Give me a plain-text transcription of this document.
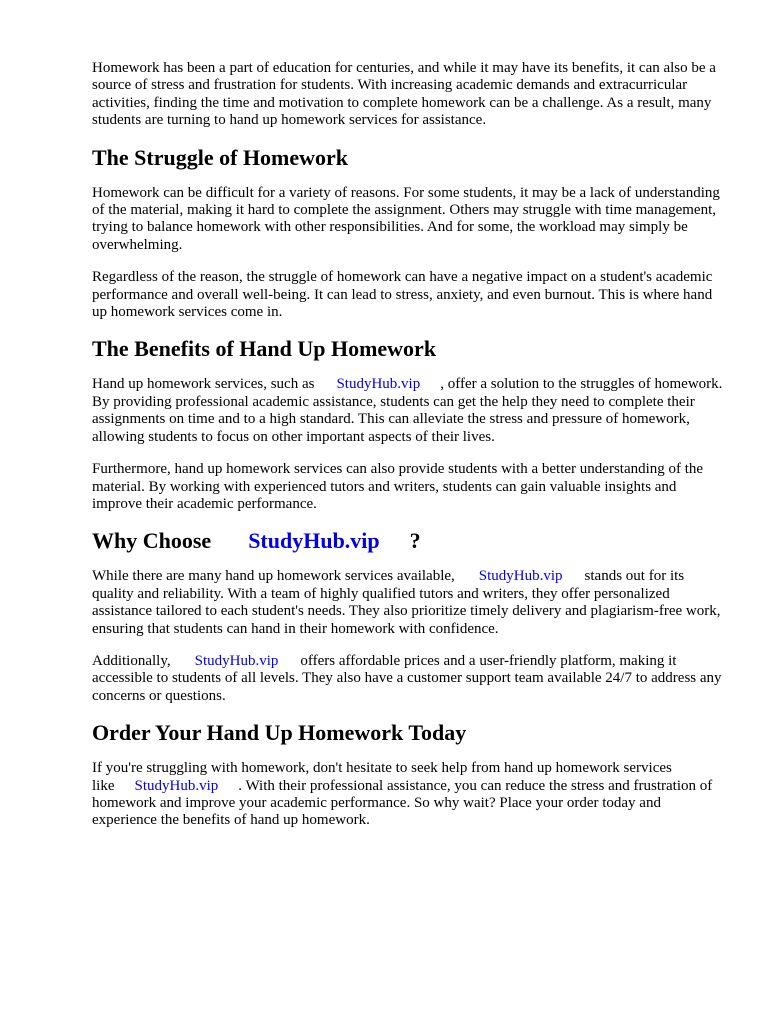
Homework has been a part of education for centuries, and while it may have its benefits, it can also be a source of stress and frustration for students. With increasing academic demands and extracurricular activities, finding the time and motivation to complete homework can be a challenge. As a result, many students are turning to hand up homework services for assistance.

The Struggle of Homework

Homework can be difficult for a variety of reasons. For some students, it may be a lack of understanding of the material, making it hard to complete the assignment. Others may struggle with time management, trying to balance homework with other responsibilities. And for some, the workload may simply be overwhelming.

Regardless of the reason, the struggle of homework can have a negative impact on a student's academic performance and overall well-being. It can lead to stress, anxiety, and even burnout. This is where hand up homework services come in.

The Benefits of Hand Up Homework

Hand up homework services, such as StudyHub.vip , offer a solution to the struggles of homework. By providing professional academic assistance, students can get the help they need to complete their assignments on time and to a high standard. This can alleviate the stress and pressure of homework, allowing students to focus on other important aspects of their lives.

Furthermore, hand up homework services can also provide students with a better understanding of the material. By working with experienced tutors and writers, students can gain valuable insights and improve their academic performance.

Why Choose StudyHub.vip ?

While there are many hand up homework services available, StudyHub.vip stands out for its quality and reliability. With a team of highly qualified tutors and writers, they offer personalized assistance tailored to each student's needs. They also prioritize timely delivery and plagiarism-free work, ensuring that students can hand in their homework with confidence.

Additionally, StudyHub.vip offers affordable prices and a user-friendly platform, making it accessible to students of all levels. They also have a customer support team available 24/7 to address any concerns or questions.

Order Your Hand Up Homework Today

If you're struggling with homework, don't hesitate to seek help from hand up homework services like StudyHub.vip . With their professional assistance, you can reduce the stress and frustration of homework and improve your academic performance. So why wait? Place your order today and experience the benefits of hand up homework.
